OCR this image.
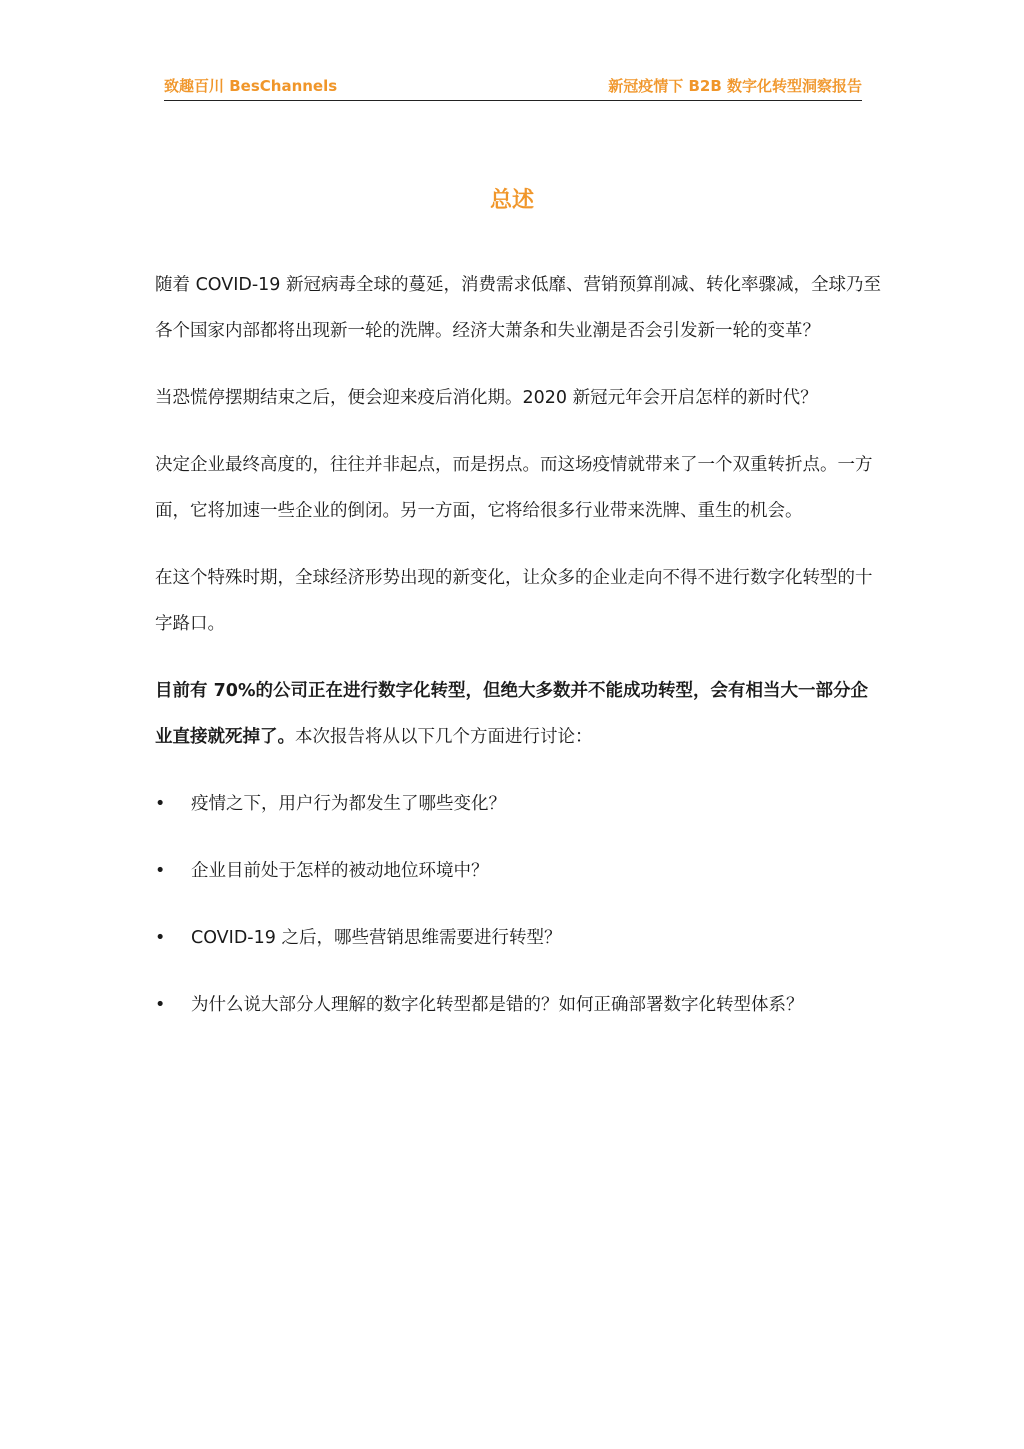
致趣百川 BesChannels	新冠疫情下 B2B 数字化转型洞察报告
总述

随着 COVID-19 新冠病毒全球的蔓延，消费需求低靡、营销预算削减、转化率骤减，全球乃至各个国家内部都将出现新一轮的洗牌。经济大萧条和失业潮是否会引发新一轮的变革？

当恐慌停摆期结束之后，便会迎来疫后消化期。2020 新冠元年会开启怎样的新时代？

决定企业最终高度的，往往并非起点，而是拐点。而这场疫情就带来了一个双重转折点。一方面，它将加速一些企业的倒闭。另一方面，它将给很多行业带来洗牌、重生的机会。

在这个特殊时期，全球经济形势出现的新变化，让众多的企业走向不得不进行数字化转型的十字路口。

目前有 70%的公司正在进行数字化转型，但绝大多数并不能成功转型，会有相当大一部分企业直接就死掉了。本次报告将从以下几个方面进行讨论：

• 疫情之下，用户行为都发生了哪些变化？
• 企业目前处于怎样的被动地位环境中？
• COVID-19 之后，哪些营销思维需要进行转型？
• 为什么说大部分人理解的数字化转型都是错的？如何正确部署数字化转型体系？
